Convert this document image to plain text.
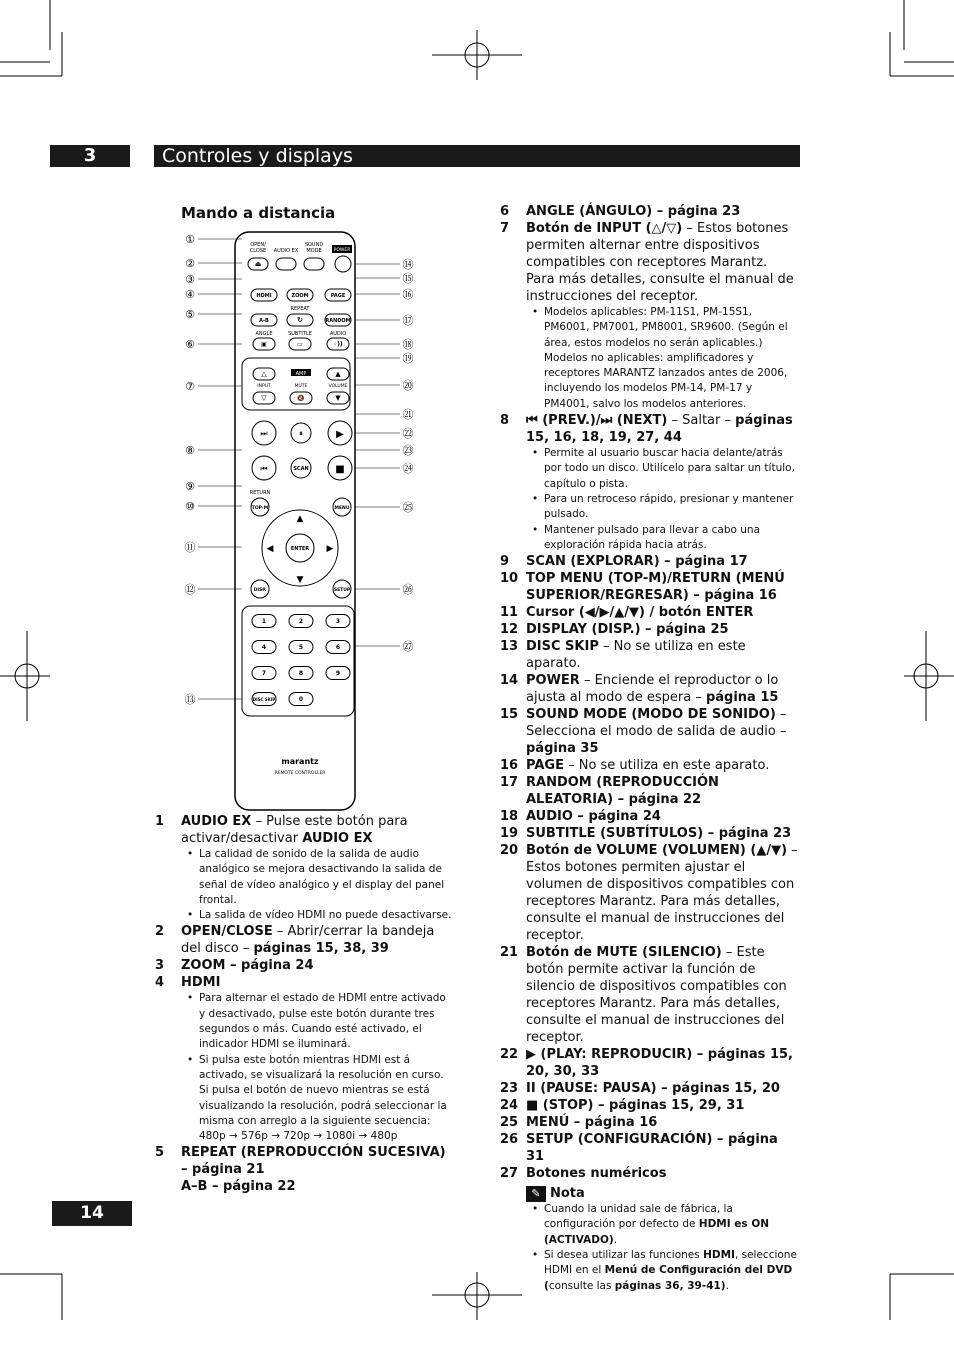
3	Controles y displays
Mando a distancia
OPEN/ CLOSE AUDIO EX
SOUND MODE	POWER
⏏
HDMI	ZOOM	PAGE
REPEAT
A-B	↻	RANDOM
ANGLE	SUBTITLE	AUDIO
▣	▭	◦))
AMP
△
▽
INPUT
🔇
MUTE
▲
▼
VOLUME
⏭	⏸	▶
⏮	SCAN	■
RETURN
TOP-M	MENU
ENTER
▲
▼
◀	▶
DISP.	SETUP
1	2	3
4	5	6
7	8	9
0
DISC SKIP
marantz
REMOTE CONTROLLER
①
②
③
④
⑤
⑥
⑦
⑧
⑨
⑩
⑪
⑫
⑬
⑭
⑮
⑯
⑰
⑱
⑲
⑳
㉑
㉒
㉓
㉔
㉕
㉖
㉗
1 AUDIO EX – Pulse este botón para activar/desactivar AUDIO EX
• La calidad de sonido de la salida de audio analógico se mejora desactivando la salida de señal de vídeo analógico y el display del panel frontal.
• La salida de vídeo HDMI no puede desactivarse.
2 OPEN/CLOSE – Abrir/cerrar la bandeja del disco – páginas 15, 38, 39
3 ZOOM – página 24
4 HDMI
• Para alternar el estado de HDMI entre activado y desactivado, pulse este botón durante tres segundos o más. Cuando esté activado, el indicador HDMI se iluminará.
• Si pulsa este botón mientras HDMI est á activado, se visualizará la resolución en curso. Si pulsa el botón de nuevo mientras se está visualizando la resolución, podrá seleccionar la misma con arreglo a la siguiente secuencia: 480p → 576p → 720p → 1080i → 480p
5 REPEAT (REPRODUCCIÓN SUCESIVA) – página 21
A–B – página 22
6 ANGLE (ÁNGULO) – página 23
7 Botón de INPUT (△/▽) – Estos botones permiten alternar entre dispositivos compatibles con receptores Marantz.
Para más detalles, consulte el manual de instrucciones del receptor.
• Modelos aplicables: PM-11S1, PM-15S1, PM6001, PM7001, PM8001, SR9600. (Según el área, estos modelos no serán aplicables.) Modelos no aplicables: amplificadores y receptores MARANTZ lanzados antes de 2006, incluyendo los modelos PM-14, PM-17 y PM4001, salvo los modelos anteriores.
8 ⏮ (PREV.)/⏭ (NEXT) – Saltar – páginas 15, 16, 18, 19, 27, 44
• Permite al usuario buscar hacia delante/atrás por todo un disco. Utilícelo para saltar un título, capítulo o pista.
• Para un retroceso rápido, presionar y mantener pulsado.
• Mantener pulsado para llevar a cabo una exploración rápida hacia atrás.
9 SCAN (EXPLORAR) – página 17
10 TOP MENU (TOP-M)/RETURN (MENÚ SUPERIOR/REGRESAR) – página 16
11 Cursor (◀/▶/▲/▼) / botón ENTER
12 DISPLAY (DISP.) – página 25
13 DISC SKIP – No se utiliza en este aparato.
14 POWER – Enciende el reproductor o lo ajusta al modo de espera – página 15
15 SOUND MODE (MODO DE SONIDO) – Selecciona el modo de salida de audio – página 35
16 PAGE – No se utiliza en este aparato.
17 RANDOM (REPRODUCCIÓN ALEATORIA) – página 22
18 AUDIO – página 24
19 SUBTITLE (SUBTÍTULOS) – página 23
20 Botón de VOLUME (VOLUMEN) (▲/▼) – Estos botones permiten ajustar el volumen de dispositivos compatibles con receptores Marantz. Para más detalles, consulte el manual de instrucciones del receptor.
21 Botón de MUTE (SILENCIO) – Este botón permite activar la función de silencio de dispositivos compatibles con receptores Marantz. Para más detalles, consulte el manual de instrucciones del receptor.
22 ▶ (PLAY: REPRODUCIR) – páginas 15, 20, 30, 33
23 II (PAUSE: PAUSA) – páginas 15, 20
24 ■ (STOP) – páginas 15, 29, 31
25 MENÚ – página 16
26 SETUP (CONFIGURACIÓN) – página 31
27 Botones numéricos
✎ Nota
• Cuando la unidad sale de fábrica, la configuración por defecto de HDMI es ON (ACTIVADO).
• Si desea utilizar las funciones HDMI, seleccione HDMI en el Menú de Configuración del DVD (consulte las páginas 36, 39-41).
14
